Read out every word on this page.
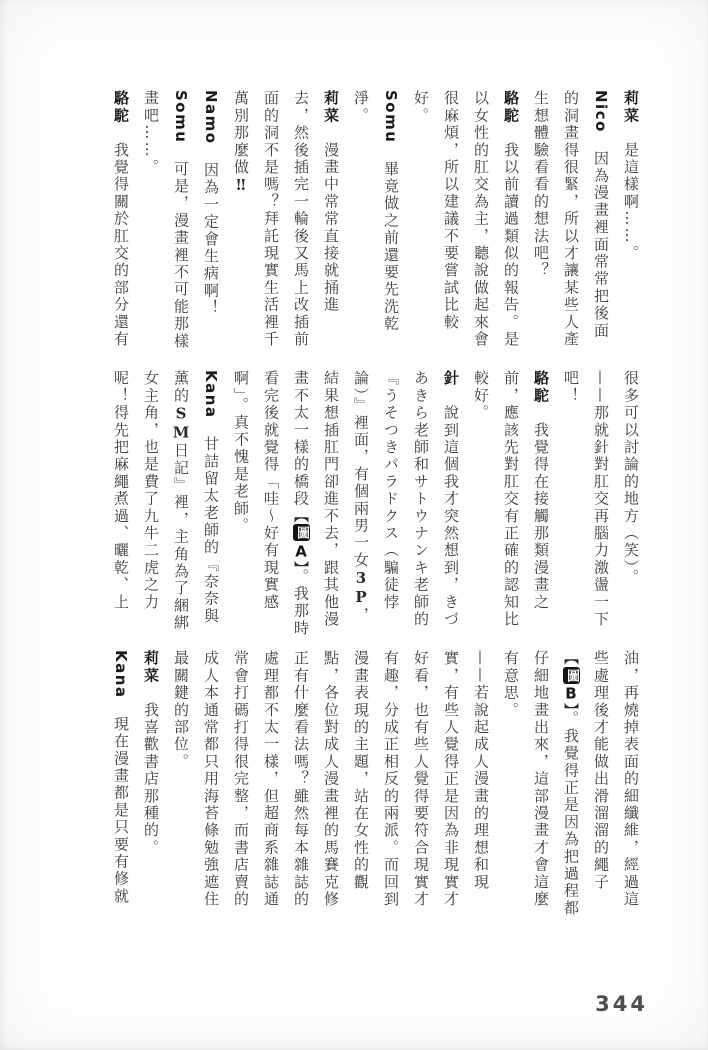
莉菜　是這樣啊……。
Nico　因為漫畫裡面常常把後面
的洞畫得很緊，所以才讓某些人產
生想體驗看看的想法吧？
駱駝　我以前讀過類似的報告。是
以女性的肛交為主，聽說做起來會
很麻煩，所以建議不要嘗試比較
好。
Somu　畢竟做之前還要先洗乾
淨。
莉菜　漫畫中常常直接就捅進
去，然後插完一輪後又馬上改插前
面的洞不是嗎？拜託現實生活裡千
萬別那麼做‼
Namo　因為一定會生病啊！
Somu　可是，漫畫裡不可能那樣
畫吧……。
駱駝　我覺得關於肛交的部分還有
很多可以討論的地方（笑）。
——那就針對肛交再腦力激盪一下
吧！
駱駝　我覺得在接觸那類漫畫之
前，應該先對肛交有正確的認知比
較好。
針　說到這個我才突然想到，きづ
あきら老師和サトウナンキ老師的
『うそつきパラドクス（騙徒悖
論）』裡面，有個兩男一女3P，
結果想插肛門卻進不去，跟其他漫
畫不太一樣的橋段【圖A】。我那時
看完後就覺得「哇～好有現實感
啊」。真不愧是老師。
Kana　甘詰留太老師的『奈奈與
薰的SM日記』裡，主角為了綑綁
女主角，也是費了九牛二虎之力
呢！得先把麻繩煮過、曬乾、上
油，再燒掉表面的細纖維，經過這
些處理後才能做出滑溜溜的繩子
【圖B】。我覺得正是因為把過程都
仔細地畫出來，這部漫畫才會這麼
有意思。
——若說起成人漫畫的理想和現
實，有些人覺得正是因為非現實才
好看，也有些人覺得要符合現實才
有趣，分成正相反的兩派。而回到
漫畫表現的主題，站在女性的觀
點，各位對成人漫畫裡的馬賽克修
正有什麼看法嗎？雖然每本雜誌的
處理都不太一樣，但超商系雜誌通
常會打碼打得很完整，而書店賣的
成人本通常都只用海苔條勉強遮住
最關鍵的部位。
莉菜　我喜歡書店那種的。
Kana　現在漫畫都是只要有修就
344
